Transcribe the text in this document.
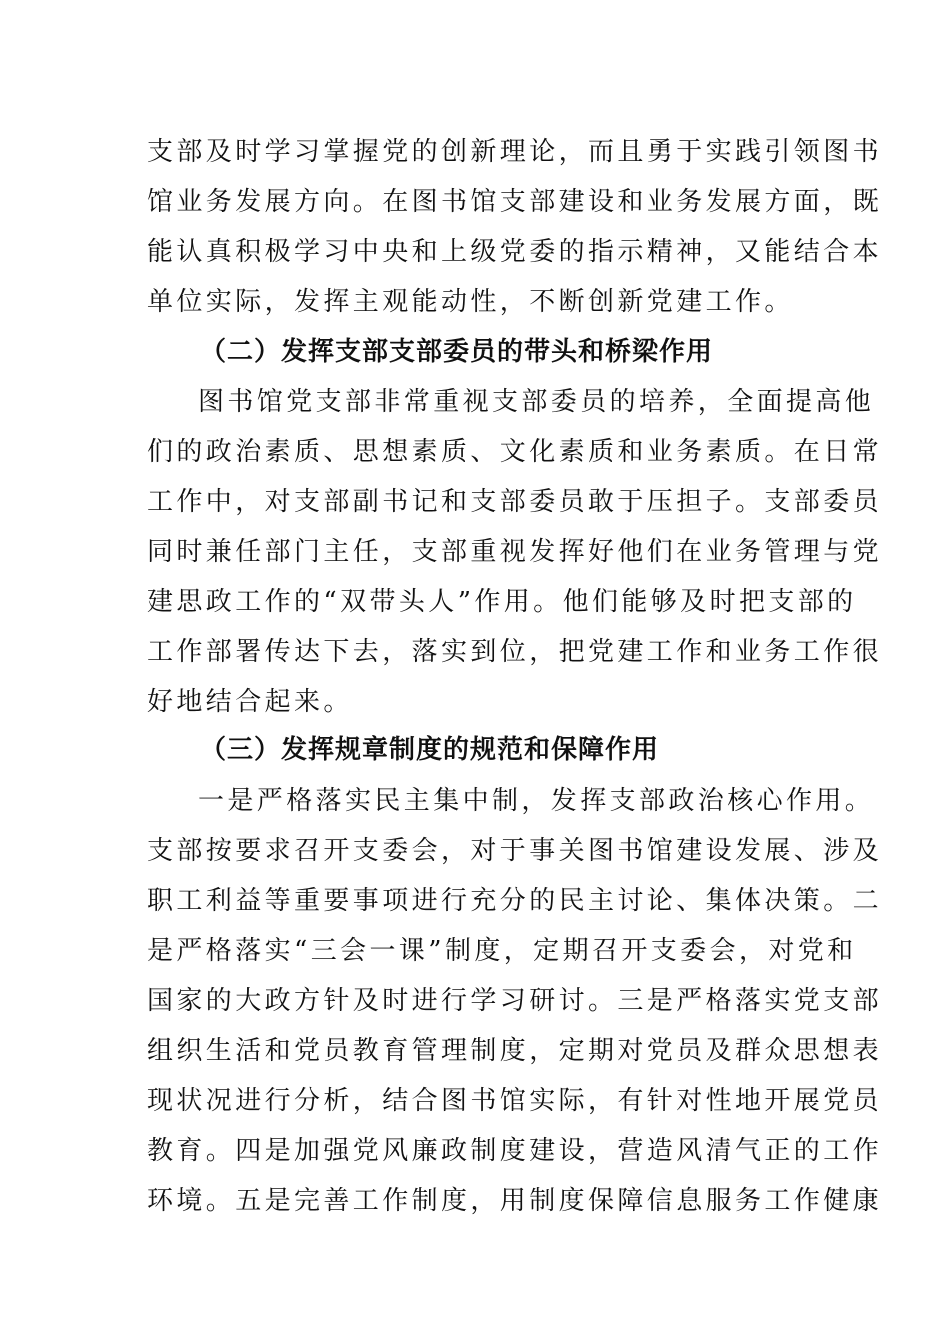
支部及时学习掌握党的创新理论，而且勇于实践引领图书
馆业务发展方向。在图书馆支部建设和业务发展方面，既
能认真积极学习中央和上级党委的指示精神，又能结合本
单位实际，发挥主观能动性，不断创新党建工作。
（二）发挥支部支部委员的带头和桥梁作用
图书馆党支部非常重视支部委员的培养，全面提高他
们的政治素质、思想素质、文化素质和业务素质。在日常
工作中，对支部副书记和支部委员敢于压担子。支部委员
同时兼任部门主任，支部重视发挥好他们在业务管理与党
建思政工作的“双带头人”作用。他们能够及时把支部的
工作部署传达下去，落实到位，把党建工作和业务工作很
好地结合起来。
（三）发挥规章制度的规范和保障作用
一是严格落实民主集中制，发挥支部政治核心作用。
支部按要求召开支委会，对于事关图书馆建设发展、涉及
职工利益等重要事项进行充分的民主讨论、集体决策。二
是严格落实“三会一课”制度，定期召开支委会，对党和
国家的大政方针及时进行学习研讨。三是严格落实党支部
组织生活和党员教育管理制度，定期对党员及群众思想表
现状况进行分析，结合图书馆实际，有针对性地开展党员
教育。四是加强党风廉政制度建设，营造风清气正的工作
环境。五是完善工作制度，用制度保障信息服务工作健康
